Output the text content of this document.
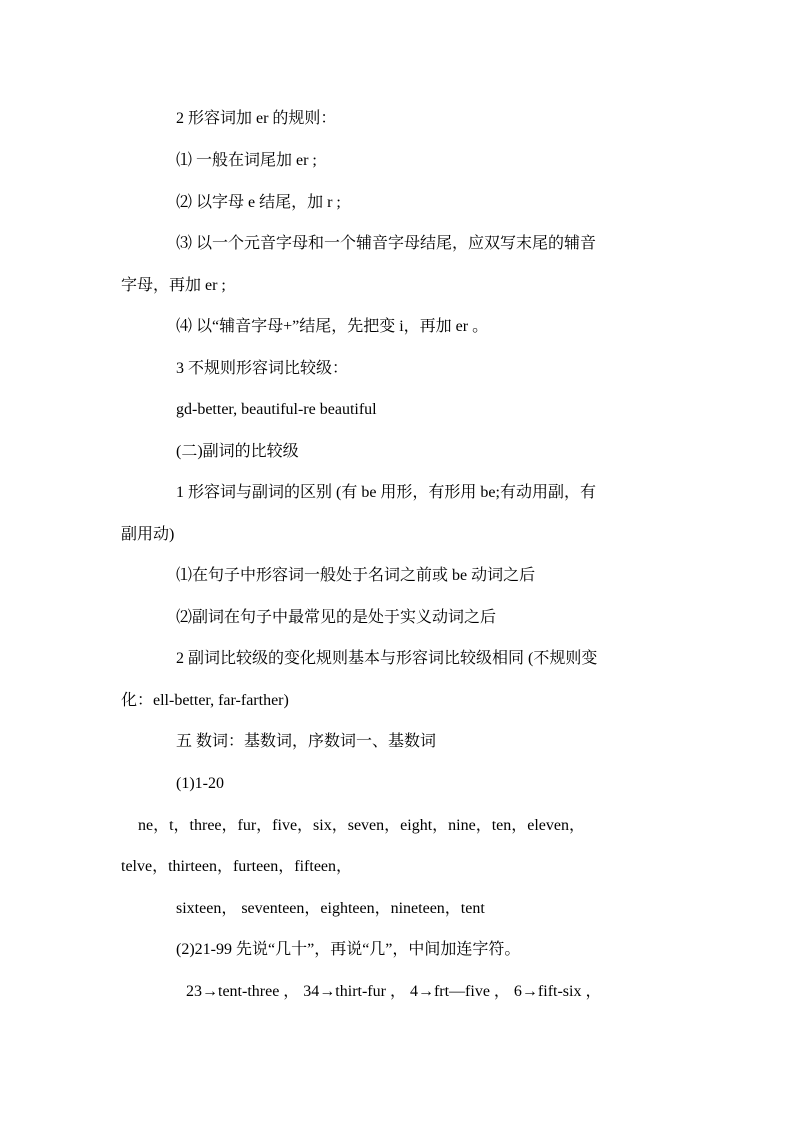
2 形容词加 er 的规则：
⑴ 一般在词尾加 er ;
⑵ 以字母 e 结尾，加 r ;
⑶ 以一个元音字母和一个辅音字母结尾，应双写末尾的辅音
字母，再加 er ;
⑷ 以“辅音字母+”结尾，先把变 i，再加 er 。
3 不规则形容词比较级：
gd-better, beautiful-re beautiful
(二)副词的比较级
1 形容词与副词的区别 (有 be 用形，有形用 be;有动用副，有
副用动)
⑴在句子中形容词一般处于名词之前或 be 动词之后
⑵副词在句子中最常见的是处于实义动词之后
2 副词比较级的变化规则基本与形容词比较级相同 (不规则变
化：ell-better, far-farther)
五 数词：基数词，序数词一、基数词
(1)1-20
ne，t，three，fur，five，six，seven，eight，nine，ten，eleven，
telve，thirteen，furteen，fifteen，
sixteen， seventeen，eighteen，nineteen，tent
(2)21-99 先说“几十”，再说“几”，中间加连字符。
23→tent-three ， 34→thirt-fur ， 4→frt—five ， 6→fift-six ，
